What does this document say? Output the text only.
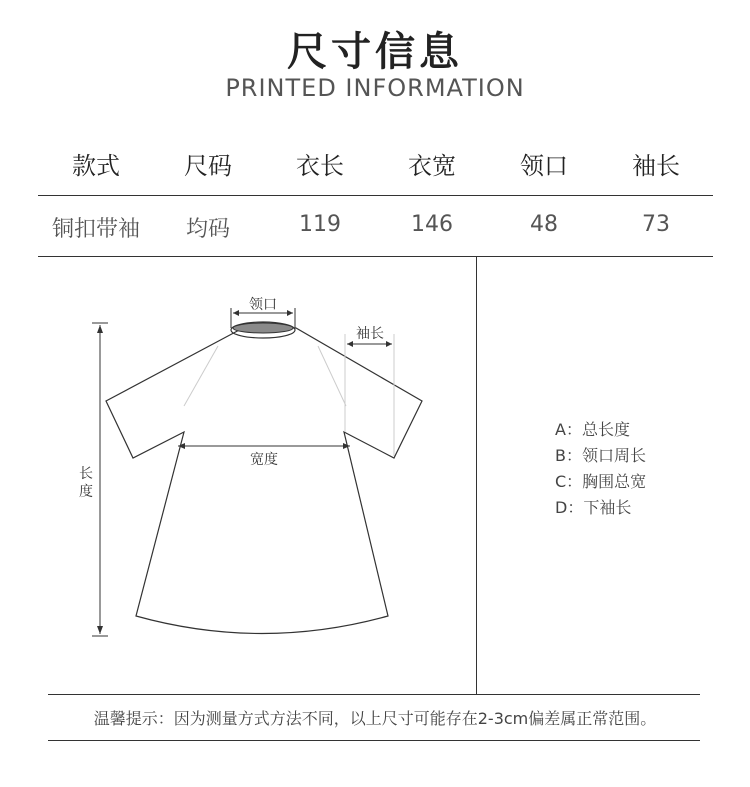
尺寸信息
PRINTED INFORMATION
款式	尺码	衣长	衣宽	领口	袖长
铜扣带袖	均码	119	146	48	73
领口
袖长
宽度
长
度
A：总长度
B：领口周长
C：胸围总宽
D：下袖长
温馨提示：因为测量方式方法不同，以上尺寸可能存在2-3cm偏差属正常范围。
